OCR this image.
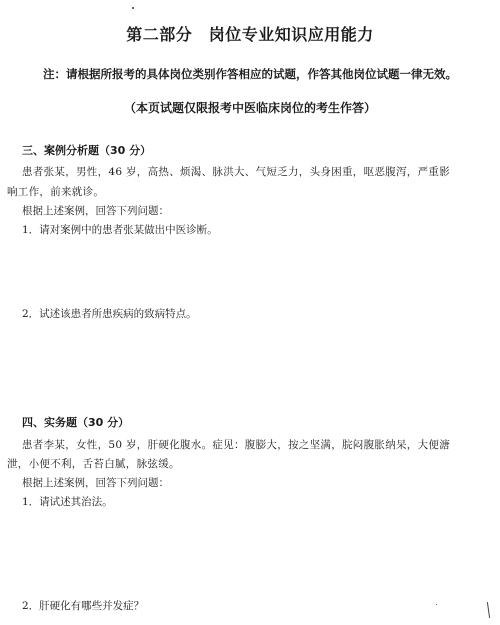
第二部分　岗位专业知识应用能力
注：请根据所报考的具体岗位类别作答相应的试题，作答其他岗位试题一律无效。
（本页试题仅限报考中医临床岗位的考生作答）
三、案例分析题（30 分）
患者张某，男性，46 岁，高热、烦渴、脉洪大、气短乏力，头身困重，呕恶腹泻，严重影
响工作，前来就诊。
根据上述案例，回答下列问题：
1．请对案例中的患者张某做出中医诊断。
2．试述该患者所患疾病的致病特点。
四、实务题（30 分）
患者李某，女性，50 岁，肝硬化腹水。症见：腹膨大，按之坚满，脘闷腹胀纳呆，大便溏
泄，小便不利，舌苔白腻，脉弦缓。
根据上述案例，回答下列问题：
1．请试述其治法。
2．肝硬化有哪些并发症？
